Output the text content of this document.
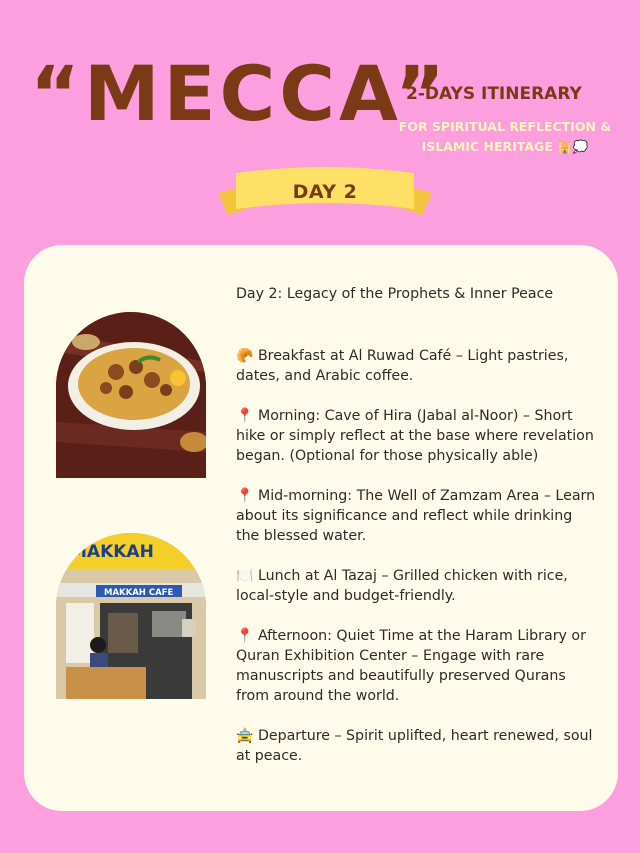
“MECCA”
2-DAYS ITINERARY
FOR SPIRITUAL REFLECTION & ISLAMIC HERITAGE 🕌💭
DAY 2
MAKKAH
MAKKAH CAFE
Day 2: Legacy of the Prophets & Inner Peace
🥐 Breakfast at Al Ruwad Café – Light pastries, dates, and Arabic coffee.
📍 Morning: Cave of Hira (Jabal al-Noor) – Short hike or simply reflect at the base where revelation began. (Optional for those physically able)
📍 Mid-morning: The Well of Zamzam Area – Learn about its significance and reflect while drinking the blessed water.
🍽️ Lunch at Al Tazaj – Grilled chicken with rice, local-style and budget-friendly.
📍 Afternoon: Quiet Time at the Haram Library or Quran Exhibition Center – Engage with rare manuscripts and beautifully preserved Qurans from around the world.
🚖 Departure – Spirit uplifted, heart renewed, soul at peace.
